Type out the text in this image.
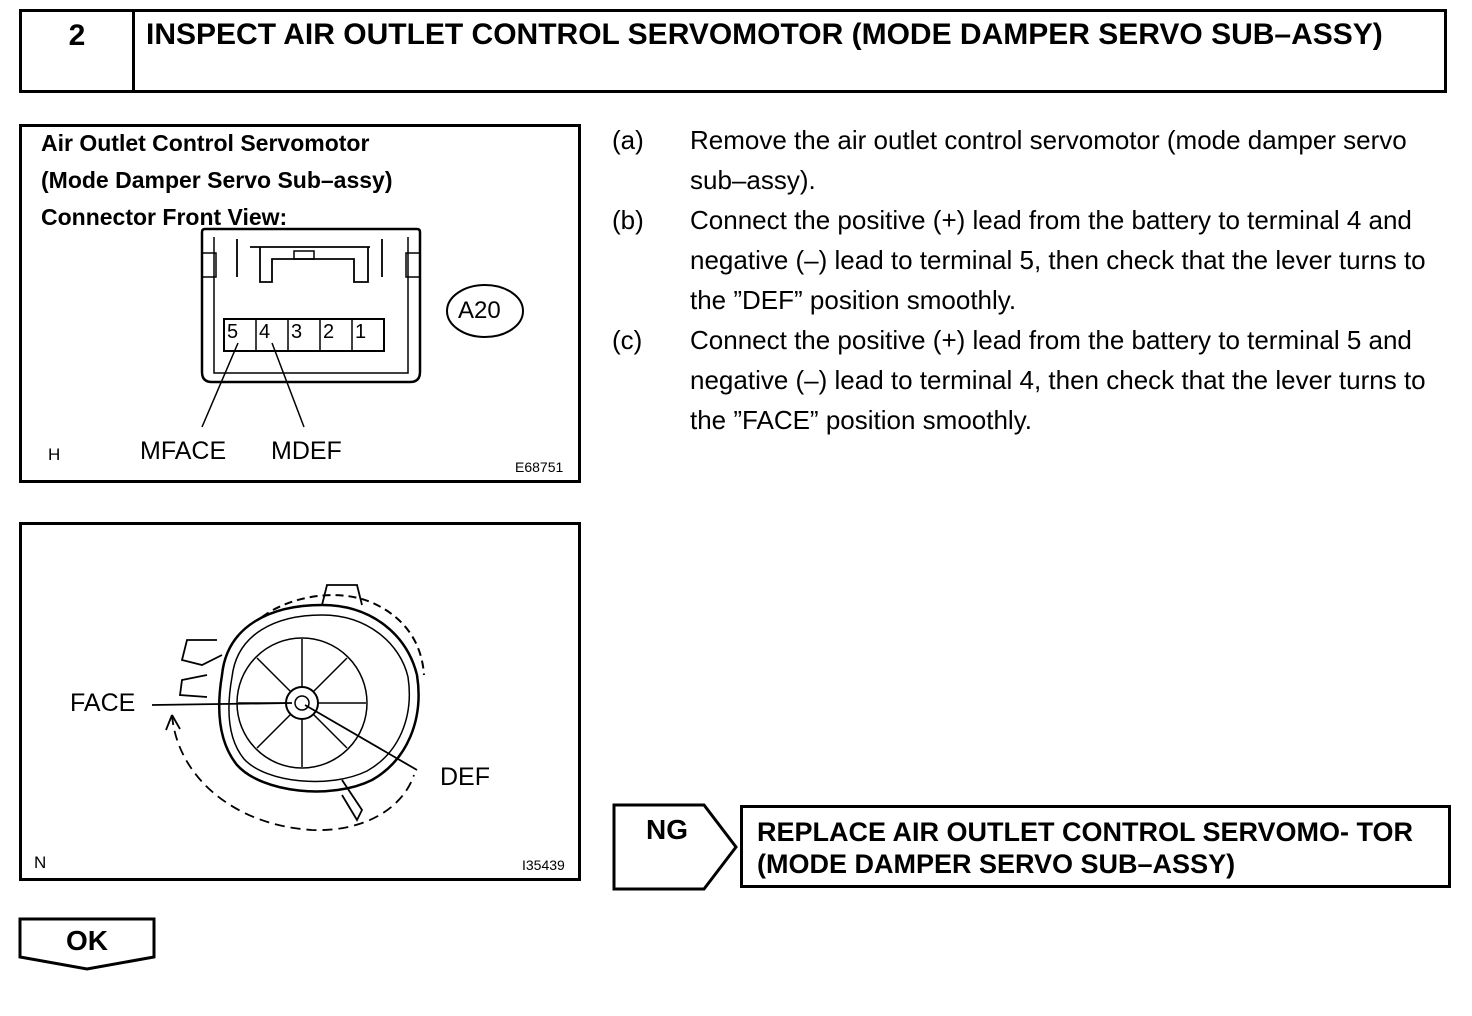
2	INSPECT AIR OUTLET CONTROL SERVOMOTOR (MODE DAMPER SERVO SUB–ASSY)
Air Outlet Control Servomotor
(Mode Damper Servo Sub–assy)
Connector Front View:
5 4 3 2 1
A20
MFACE MDEF
H
E68751
FACE
DEF
N	I35439
(a)	Remove the air outlet control servomotor (mode damper servo sub–assy).
(b)	Connect the positive (+) lead from the battery to terminal 4 and negative (–) lead to terminal 5, then check that the lever turns to the ”DEF” position smoothly.
(c)	Connect the positive (+) lead from the battery to terminal 5 and negative (–) lead to terminal 4, then check that the lever turns to the ”FACE” position smoothly.
NG	REPLACE AIR OUTLET CONTROL SERVOMO- TOR (MODE DAMPER SERVO SUB–ASSY)
OK
